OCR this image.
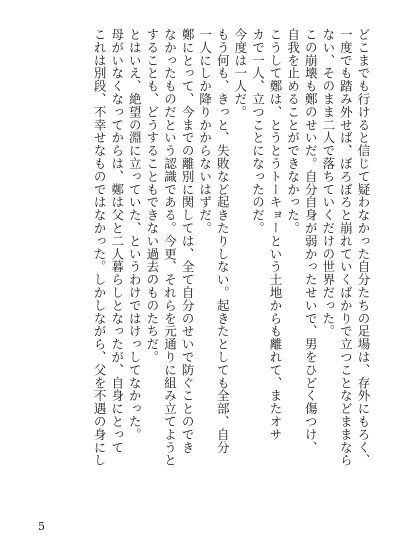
どこまでも行けると信じて疑わなかった自分たちの足場は、存外にもろく、
一度でも踏み外せば、ぼろぼろと崩れていくばかりで立つことなどままなら
ない、そのまま二人で落ちていくだけの世界だった。
この崩壊も鄭のせいだ。自分自身が弱かったせいで、男をひどく傷つけ、
自我を止めることができなかった。
こうして鄭は、とうとうトーキョーという土地からも離れて、またオサ
カで一人、立つことになったのだ。
今度は一人だ。
もう何も、きっと、失敗など起きたりしない。起きたとしても全部、自分
一人にしか降りかからないはずだ。
鄭にとって、今までの離別に関しては、全て自分のせいで防ぐことのでき
なかったものだという認識である。今更、それらを元通りに組み立てようと
することも、どうすることもできない過去のものたちだ。
とはいえ、絶望の淵に立っていた、というわけではけっしてなかった。
母がいなくなってからは、鄭は父と二人暮らしとなったが、自身にとって
これは別段、不幸せなものではなかった。しかしながら、父を不遇の身にし
5
